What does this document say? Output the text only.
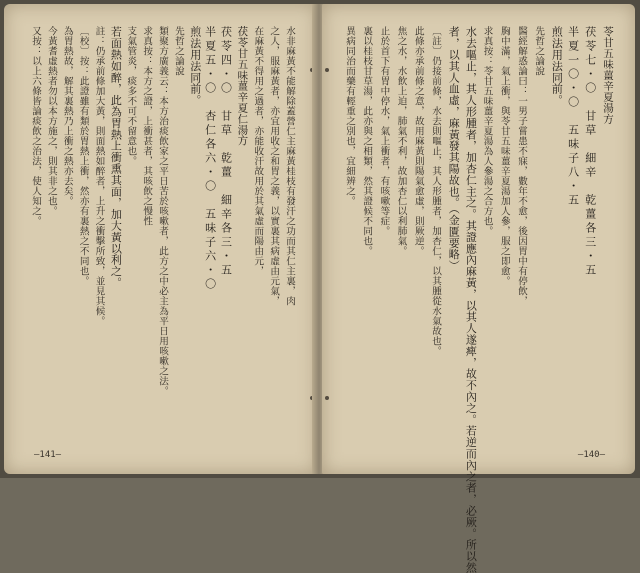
水非麻黃不能解除蓋營仁主麻黃桂枝有發汗之功而其仁主裏，肉
之人，服麻黃者，亦宜用收之和胃之義，以實裏其病虛由元氣，
在麻黃不得用之過者，亦能收汗故用於其氣虛而陽由元，
茯苓甘五味薑辛夏仁湯方
茯苓四・〇　甘草　乾薑　細辛各三・五
半夏五・〇　杏仁各六・〇　五味子六・〇
煎法用法同前。
先哲之論說
類聚方廣義云：本方治痰飲家之平日苦於咳嗽者，此方之中必主為平日用咳嗽之法。
求真按：本方之證，上衝甚者，其咳飲之慢性
支氣管炎，痰多不可不留意也。
若面熱如醉，此為胃熱上衝熏其面，加大黃以利之。
註：仍承前條加大黃，則面熱如醉者，上升之衝擊所致，並見其候。
〔校〕按：此證雖有類於胃熱上衝，然亦有裏熱之不同也。
為胃熱故，解其裏熱乃上衝之熱亦去矣。
今黃耆虛熱者勿以本方施之，則其非之也。
又按：以上六條皆論痰飲之治法，使人知之。
—141—
苓甘五味薑辛夏湯方
茯苓七・〇　甘草　細辛　乾薑各三・五
半夏一〇・〇　五味子八・五
煎法用法同前。
先哲之論說
醫經解惑論曰：一男子嘗患不寐，數年不愈，後因胃中有停飲，
胸中滿，氣上衝，與苓甘五味薑辛夏湯加人參，服之即愈。
求真按：苓甘五味薑辛夏湯為人參湯之合方也。
水去嘔止，其人形腫者，加杏仁主之。其證應內麻黃，以其人遂痺，故不內之。若逆而內之者，必厥。所以然
者，以其人血虛，麻黃發其陽故也。（金匱要略）
〔註〕仍接前條，水去則嘔止，其人形腫者，加杏仁，以其腫從水氣故也。
此條亦承前條之意，故用麻黃則陽氣愈虛，則厥逆。
焦之水，水飲上迫，肺氣不利，故加杏仁以利肺氣。
止於首下有胃中停水，氣上衝者，有咳嗽等症。
裏以桂枝甘草湯，此亦與之相類，然其證候不同也。
異病同治而藥有輕重之別也，宜細辨之。
—140—
